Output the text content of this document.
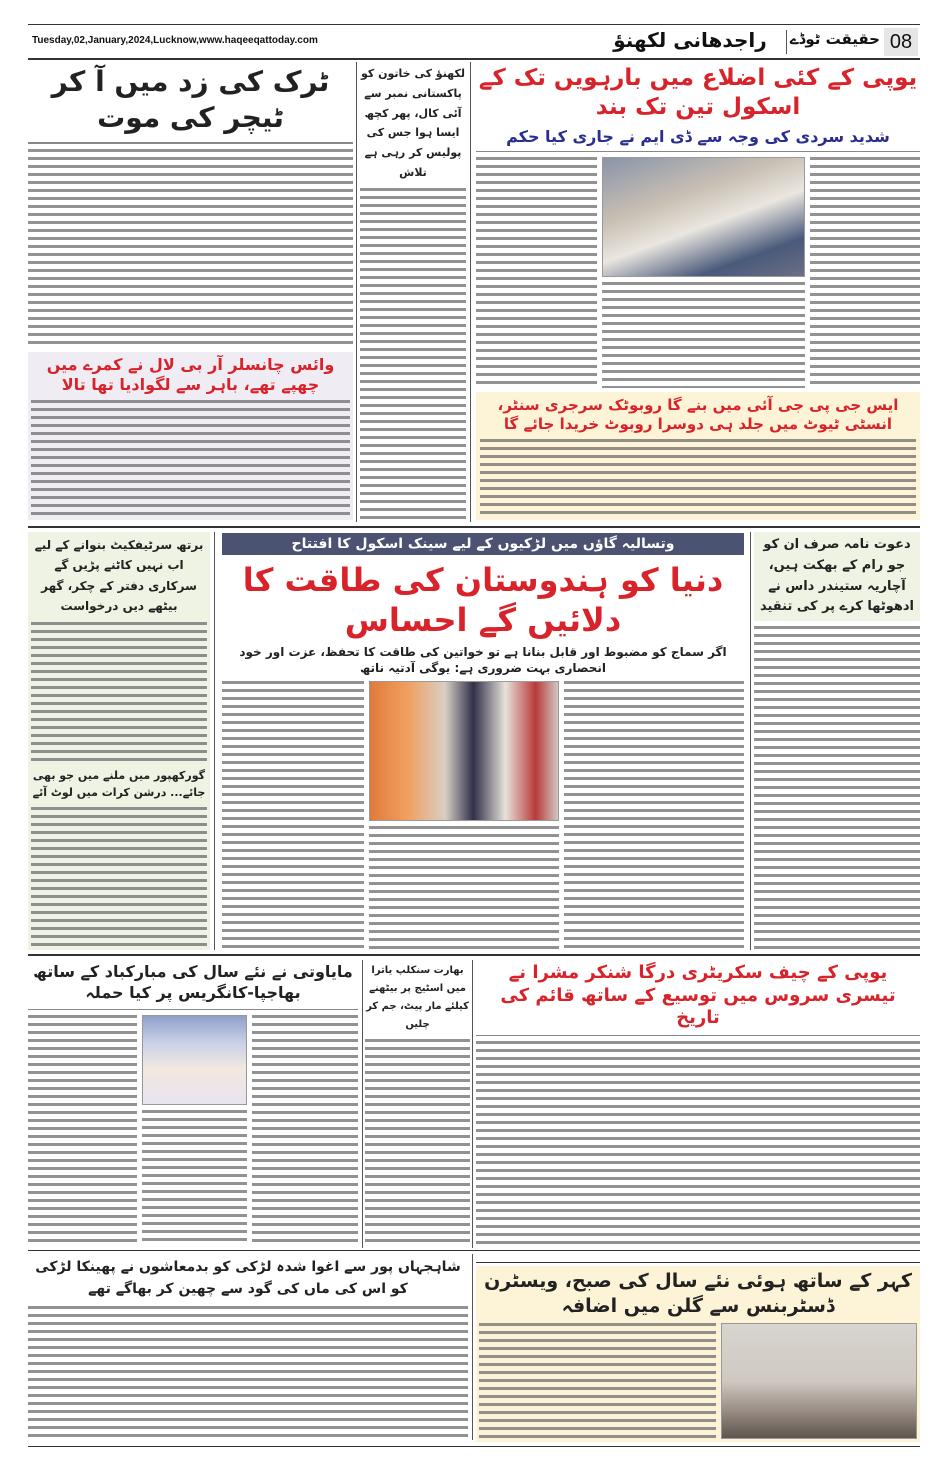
Tuesday,02,January,2024,Lucknow,www.haqeeqattoday.com	08
حقیقت ٹوڈے
راجدھانی لکھنؤ
ٹرک کی زد میں آ کر ٹیچر کی موت
لکھنؤ کی خاتون کو پاکستانی نمبر سے آئی کال، پھر کچھ ایسا ہوا جس کی پولیس کر رہی ہے تلاش
یوپی کے کئی اضلاع میں بارہویں تک کے اسکول تین تک بند
شدید سردی کی وجہ سے ڈی ایم نے جاری کیا حکم
وائس چانسلر آر بی لال نے کمرے میں چھپے تھے، باہر سے لگوادیا تھا تالا
ایس جی پی جی آئی میں بنے گا روبوٹک سرجری سنٹر، انسٹی ٹیوٹ میں جلد ہی دوسرا روبوٹ خریدا جائے گا
برتھ سرٹیفکیٹ بنوانے کے لیے اب نہیں کاٹنے پڑیں گے سرکاری دفتر کے چکر، گھر بیٹھے دیں درخواست
گورکھپور میں ملنے میں جو بھی جائے... درشن کرات میں لوٹ آئے
وتسالیہ گاؤں میں لڑکیوں کے لیے سینک اسکول کا افتتاح
دنیا کو ہندوستان کی طاقت کا دلائیں گے احساس
اگر سماج کو مضبوط اور قابل بنانا ہے تو خواتین کی طاقت کا تحفظ، عزت اور خود انحصاری بہت ضروری ہے: یوگی آدتیہ ناتھ
دعوت نامہ صرف ان کو جو رام کے بھکت ہیں، آچاریہ ستیندر داس نے ادھوٹھا کرے پر کی تنقید
مایاوتی نے نئے سال کی مبارکباد کے ساتھ بھاجپا-کانگریس پر کیا حملہ
بھارت سنکلپ یاترا میں اسٹیج پر بیٹھنے کیلئے مار پیٹ، جم کر چلیں
یوپی کے چیف سکریٹری درگا شنکر مشرا نے تیسری سروس میں توسیع کے ساتھ قائم کی تاریخ
شاہجہاں پور سے اغوا شدہ لڑکی کو بدمعاشوں نے پھینکا لڑکی کو اس کی ماں کی گود سے چھین کر بھاگے تھے	کہر کے ساتھ ہوئی نئے سال کی صبح، ویسٹرن ڈسٹربنس سے گلن میں اضافہ
